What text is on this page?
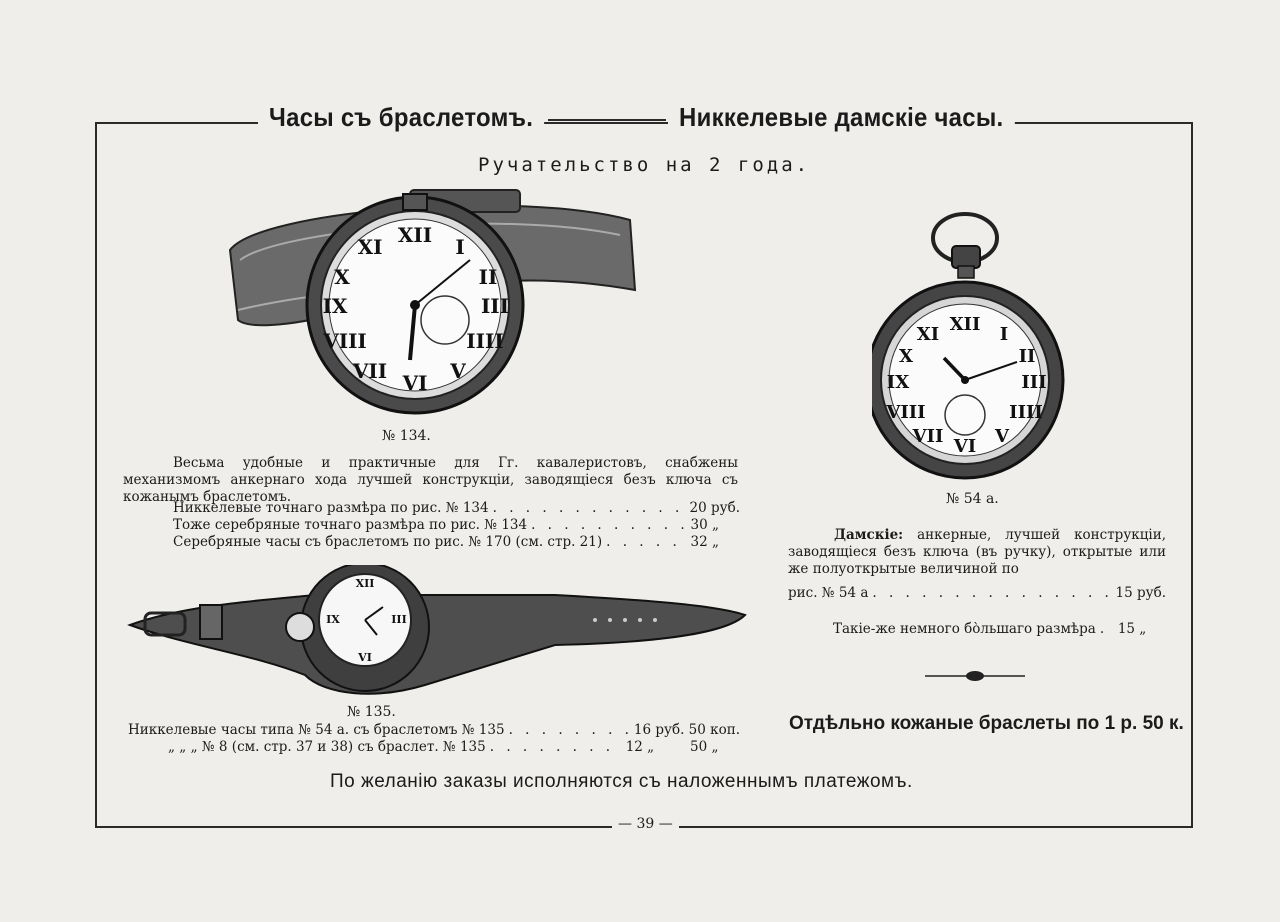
Часы съ браслетомъ.	Никкелевые дамскіе часы.
Ручательство на 2 года.
XII I
II
III
IIII
V
VI
VII
VIII
IX
X
XI
№ 134.
Весьма удобные и практичные для Гг. кавалеристовъ, снабжены механизмомъ анкернаго хода лучшей конструкціи, заводящіеся безъ ключа съ кожанымъ браслетомъ.
Никкелевые точнаго размѣра по рис. № 134 . . .	20 руб.
Тоже серебряные точнаго размѣра по рис. № 134 . . .	30 „
Серебряные часы съ браслетомъ по рис. № 170 (см. стр. 21) . . .	32 „
XII
III
VI
IX
№ 135.
Никкелевые часы типа № 54 а. съ браслетомъ № 135 . . .	16 руб. 50 коп.
„ „ „ № 8 (см. стр. 37 и 38) съ браслет. № 135 . . .	12 „	50 „
XII I
II
III
IIII
V
VI
VII
VIII
IX
X
XI
№ 54 a.
Дамскіе: анкерные, лучшей конструкціи, заводящіеся безъ ключа (въ ручку), открытые или же полуоткрытые величиной по
рис. № 54 а . . .	15 руб.
Такіе-же немного бо̀льшаго размѣра . . . 15 „
Отдѣльно кожаные браслеты по 1 р. 50 к.
По желанію заказы исполняются съ наложеннымъ платежомъ.
— 39 —
